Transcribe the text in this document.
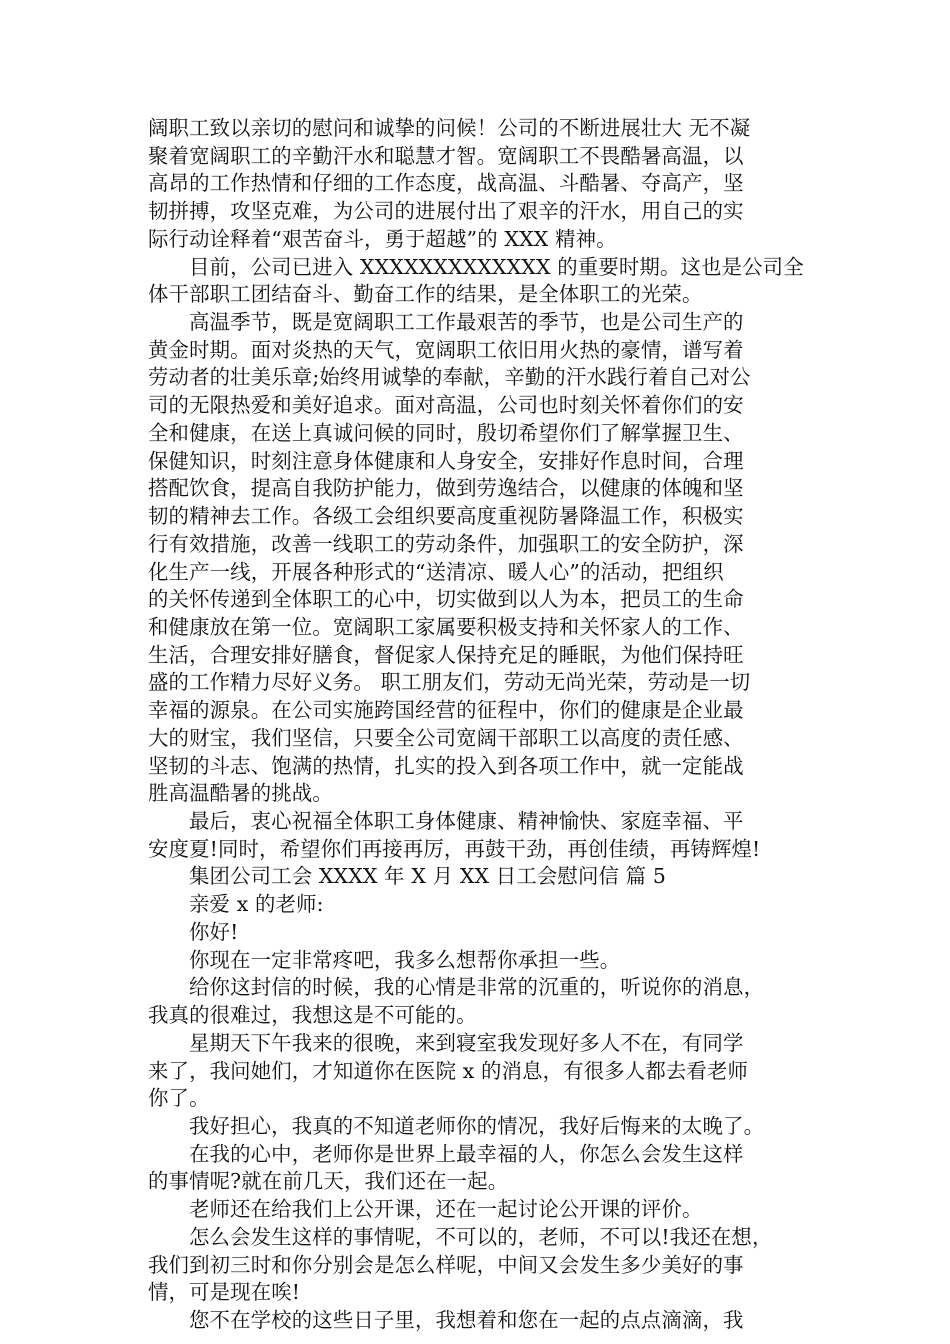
阔职工致以亲切的慰问和诚挚的问候！公司的不断进展壮大 无不凝
聚着宽阔职工的辛勤汗水和聪慧才智。宽阔职工不畏酷暑高温，以
高昂的工作热情和仔细的工作态度，战高温、斗酷暑、夺高产，坚
韧拼搏，攻坚克难，为公司的进展付出了艰辛的汗水，用自己的实
际行动诠释着“艰苦奋斗，勇于超越”的 XXX 精神。
目前，公司已进入 XXXXXXXXXXXXX 的重要时期。这也是公司全
体干部职工团结奋斗、勤奋工作的结果，是全体职工的光荣。
高温季节，既是宽阔职工工作最艰苦的季节，也是公司生产的
黄金时期。面对炎热的天气，宽阔职工依旧用火热的豪情，谱写着
劳动者的壮美乐章;始终用诚挚的奉献，辛勤的汗水践行着自己对公
司的无限热爱和美好追求。面对高温，公司也时刻关怀着你们的安
全和健康，在送上真诚问候的同时，殷切希望你们了解掌握卫生、
保健知识，时刻注意身体健康和人身安全，安排好作息时间，合理
搭配饮食，提高自我防护能力，做到劳逸结合，以健康的体魄和坚
韧的精神去工作。各级工会组织要高度重视防暑降温工作，积极实
行有效措施，改善一线职工的劳动条件，加强职工的安全防护，深
化生产一线，开展各种形式的“送清凉、暖人心”的活动，把组织
的关怀传递到全体职工的心中，切实做到以人为本，把员工的生命
和健康放在第一位。宽阔职工家属要积极支持和关怀家人的工作、
生活，合理安排好膳食，督促家人保持充足的睡眠，为他们保持旺
盛的工作精力尽好义务。 职工朋友们，劳动无尚光荣，劳动是一切
幸福的源泉。在公司实施跨国经营的征程中，你们的健康是企业最
大的财宝，我们坚信，只要全公司宽阔干部职工以高度的责任感、
坚韧的斗志、饱满的热情，扎实的投入到各项工作中，就一定能战
胜高温酷暑的挑战。
最后，衷心祝福全体职工身体健康、精神愉快、家庭幸福、平
安度夏!同时，希望你们再接再厉，再鼓干劲，再创佳绩，再铸辉煌!
集团公司工会 XXXX 年 X 月 XX 日工会慰问信 篇 5
亲爱 x 的老师:
你好!
你现在一定非常疼吧，我多么想帮你承担一些。
给你这封信的时候，我的心情是非常的沉重的，听说你的消息，
我真的很难过，我想这是不可能的。
星期天下午我来的很晚，来到寝室我发现好多人不在，有同学
来了，我问她们，才知道你在医院 x 的消息，有很多人都去看老师
你了。
我好担心，我真的不知道老师你的情况，我好后悔来的太晚了。
在我的心中，老师你是世界上最幸福的人，你怎么会发生这样
的事情呢?就在前几天，我们还在一起。
老师还在给我们上公开课，还在一起讨论公开课的评价。
怎么会发生这样的事情呢，不可以的，老师，不可以!我还在想，
我们到初三时和你分别会是怎么样呢，中间又会发生多少美好的事
情，可是现在唉!
您不在学校的这些日子里，我想着和您在一起的点点滴滴，我
